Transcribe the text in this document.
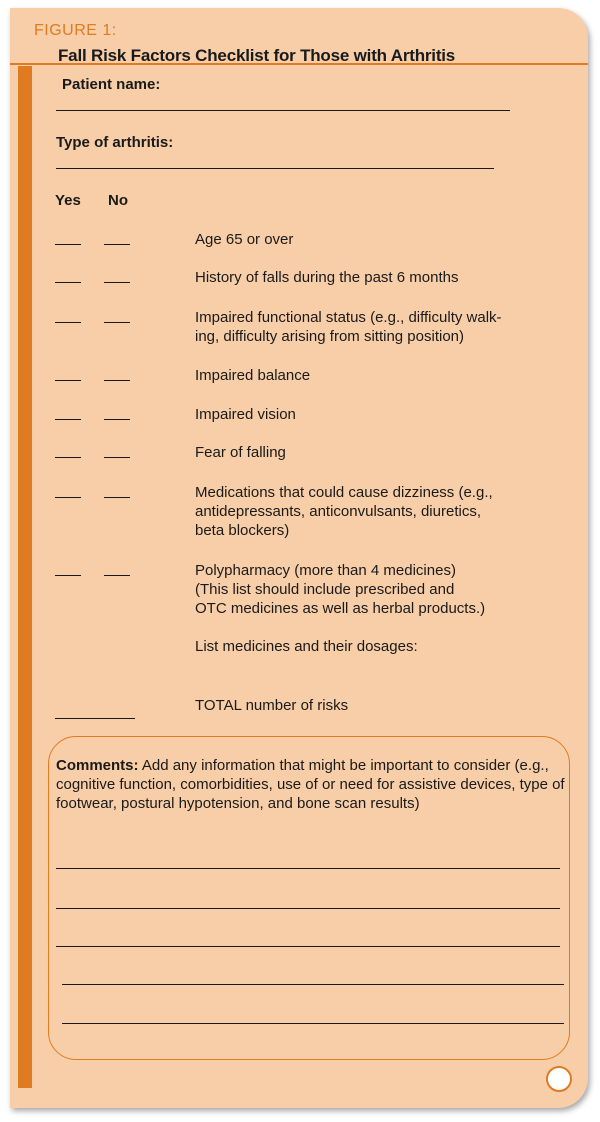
FIGURE 1:
Fall Risk Factors Checklist for Those with Arthritis
Patient name:
Type of arthritis:
Yes No
Age 65 or over
History of falls during the past 6 months
Impaired functional status (e.g., difficulty walk-
ing, difficulty arising from sitting position)
Impaired balance
Impaired vision
Fear of falling
Medications that could cause dizziness (e.g.,
antidepressants, anticonvulsants, diuretics,
beta blockers)
Polypharmacy (more than 4 medicines)
(This list should include prescribed and
OTC medicines as well as herbal products.)
List medicines and their dosages:
TOTAL number of risks
Comments: Add any information that might be important to consider (e.g., cognitive function, comorbidities, use of or need for assistive devices, type of footwear, postural hypotension, and bone scan results)
